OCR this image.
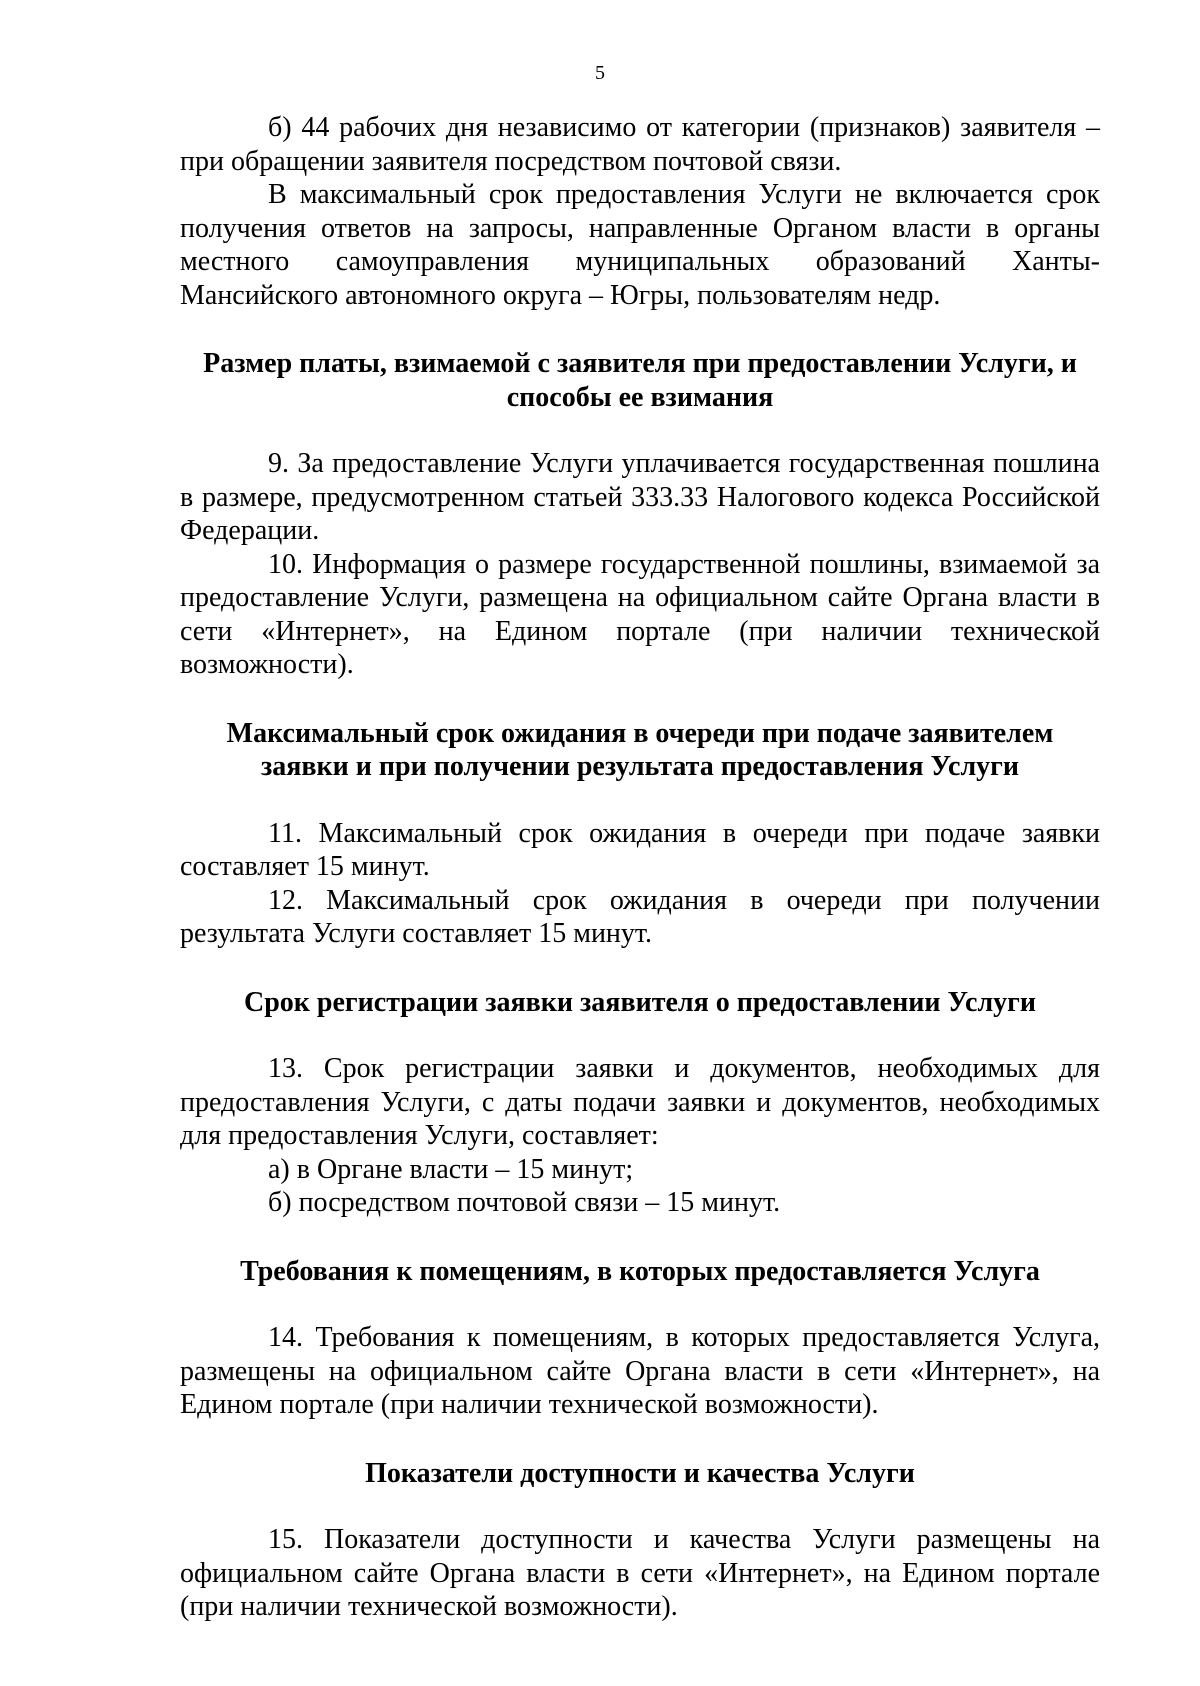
5

б) 44 рабочих дня независимо от категории (признаков) заявителя – при обращении заявителя посредством почтовой связи.

В максимальный срок предоставления Услуги не включается срок получения ответов на запросы, направленные Органом власти в органы местного самоуправления муниципальных образований Ханты-Мансийского автономного округа – Югры, пользователям недр.

Размер платы, взимаемой с заявителя при предоставлении Услуги, и способы ее взимания

9. За предоставление Услуги уплачивается государственная пошлина в размере, предусмотренном статьей 333.33 Налогового кодекса Российской Федерации.

10. Информация о размере государственной пошлины, взимаемой за предоставление Услуги, размещена на официальном сайте Органа власти в сети «Интернет», на Едином портале (при наличии технической возможности).

Максимальный срок ожидания в очереди при подаче заявителем заявки и при получении результата предоставления Услуги

11. Максимальный срок ожидания в очереди при подаче заявки составляет 15 минут.

12. Максимальный срок ожидания в очереди при получении результата Услуги составляет 15 минут.

Срок регистрации заявки заявителя о предоставлении Услуги

13. Срок регистрации заявки и документов, необходимых для предоставления Услуги, с даты подачи заявки и документов, необходимых для предоставления Услуги, составляет:

а) в Органе власти – 15 минут;

б) посредством почтовой связи – 15 минут.

Требования к помещениям, в которых предоставляется Услуга

14. Требования к помещениям, в которых предоставляется Услуга, размещены на официальном сайте Органа власти в сети «Интернет», на Едином портале (при наличии технической возможности).

Показатели доступности и качества Услуги

15. Показатели доступности и качества Услуги размещены на официальном сайте Органа власти в сети «Интернет», на Едином портале (при наличии технической возможности).
